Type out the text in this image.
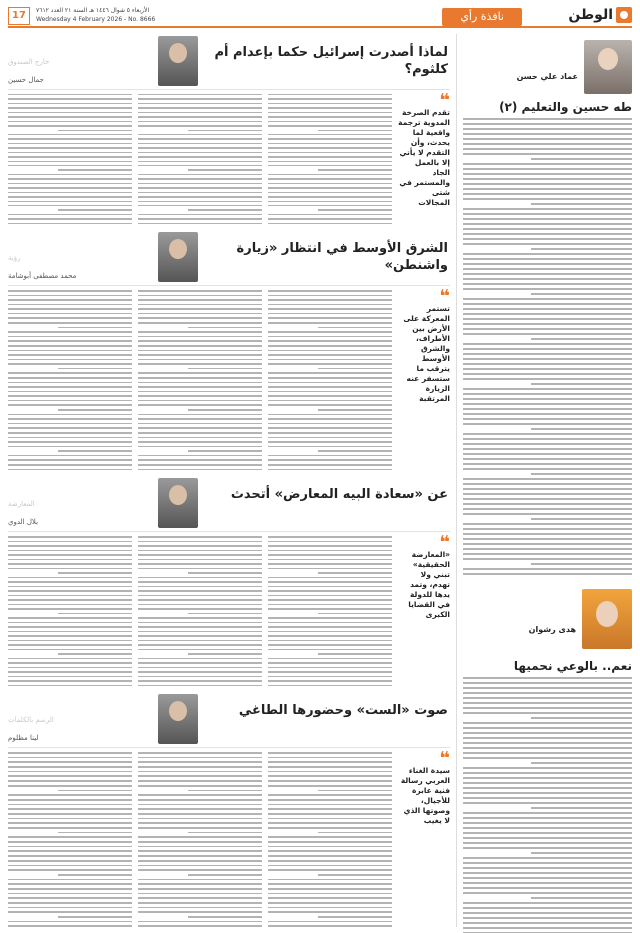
الوطن
نافذة رأي
الأربعاء ٥ شوال ١٤٤٦ هـ السنة ٢١ العدد ٧٦١٢
Wednesday 4 February 2026 - No. 8666
17
عماد علي حسن
طه حسين والتعليم (٢)
هدى رشوان
نعم.. بالوعي نحميها
لماذا أصدرت إسرائيل حكما بإعدام أم كلثوم؟
جمال حسين
خارج الصندوق
❝
تقدم الصرخة المدوية ترجمة واقعية لما يحدث، وأن التقدم لا يأتي إلا بالعمل الجاد والمستمر في شتى المجالات
الشرق الأوسط في انتظار «زيارة واشنطن»
محمد مصطفى أبوشامة
رؤية
❝
تستمر المعركة على الأرض بين الأطراف، والشرق الأوسط يترقب ما ستسفر عنه الزيارة المرتقبة
عن «سعادة البيه المعارض» أتحدث
بلال الدوي
المعارضة
❝
«المعارضة الحقيقية» تبني ولا تهدم، وتمد يدها للدولة في القضايا الكبرى
صوت «الست» وحضورها الطاغي
لينا مظلوم
الرسم بالكلمات
❝
سيدة الغناء العربي رسالة فنية عابرة للأجيال، وصوتها الذي لا يغيب
